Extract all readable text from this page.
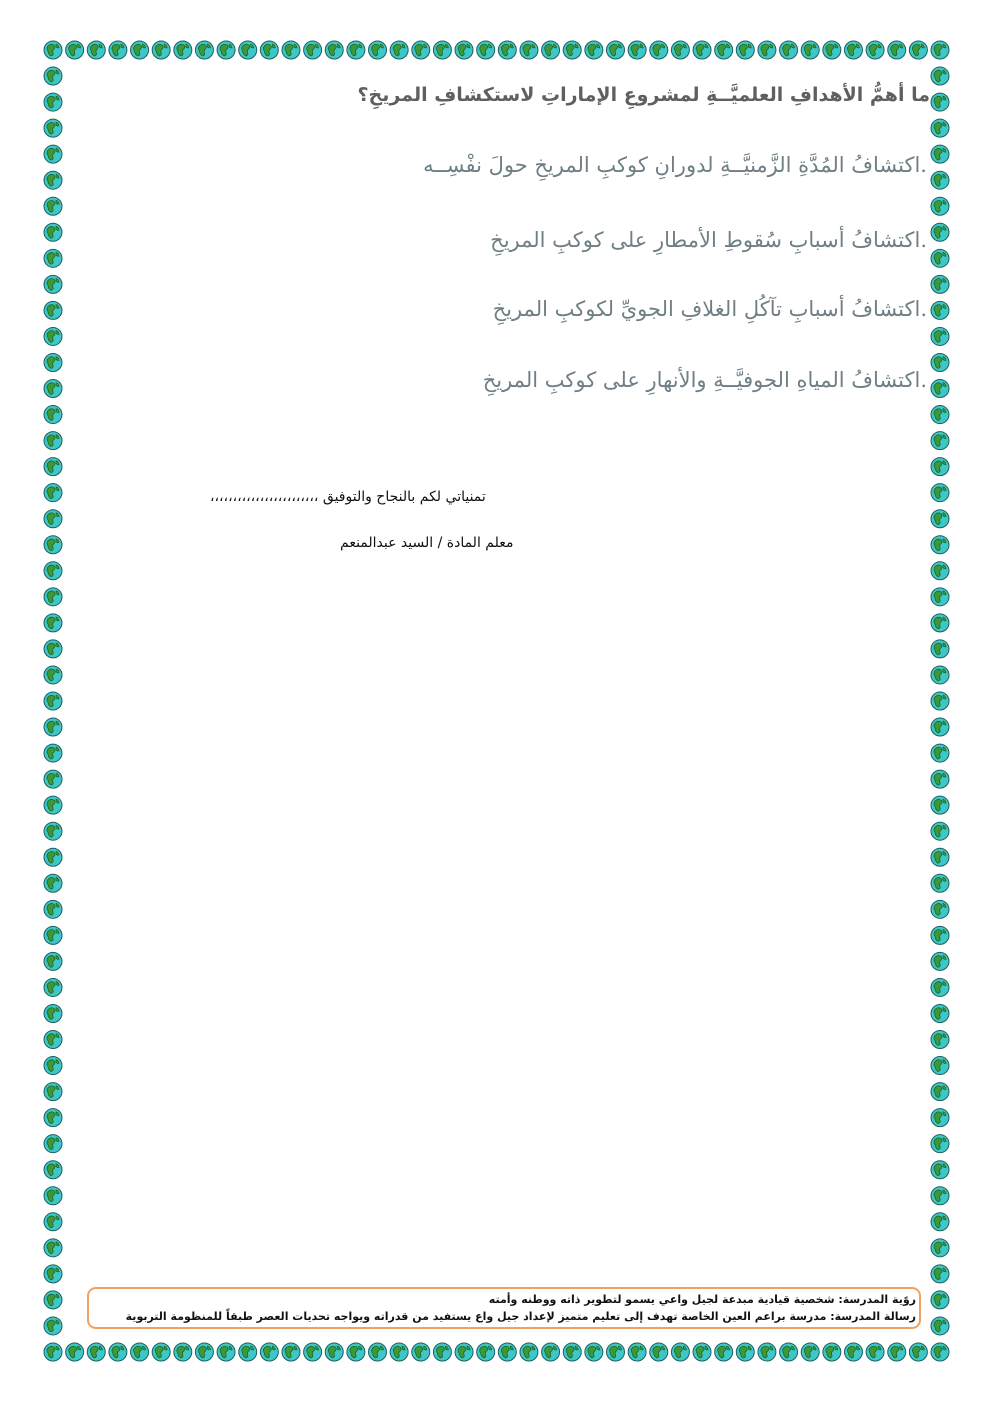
ما أهمُّ الأهدافِ العلميَّــةِ لمشروعِ الإماراتِ لاستكشافِ المريخِ؟
.اكتشافُ المُدَّةِ الزَّمنيَّــةِ لدورانِ كوكبِ المريخِ حولَ نفْسِــه
.اكتشافُ أسبابِ سُقوطِ الأمطارِ على كوكبِ المريخِ
.اكتشافُ أسبابِ تآكُلِ الغلافِ الجويِّ لكوكبِ المريخِ
.اكتشافُ المياهِ الجوفيَّــةِ والأنهارِ على كوكبِ المريخِ
تمنياتي لكم بالنجاح والتوفيق ،،،،،،،،،،،،،،،،،،،،،،،،
معلم المادة / السيد عبدالمنعم
روًية المدرسة: شخصية قيادية مبدعة لجيل واعي يسمو لتطوير ذاته ووطنه وأمته
رسالة المدرسة: مدرسة براعم العين الخاصة تهدف إلى تعليم متميز لإعداد جيل واع يستفيد من قدراته ويواجه تحديات العصر طبقاً للمنظومة التربوية
